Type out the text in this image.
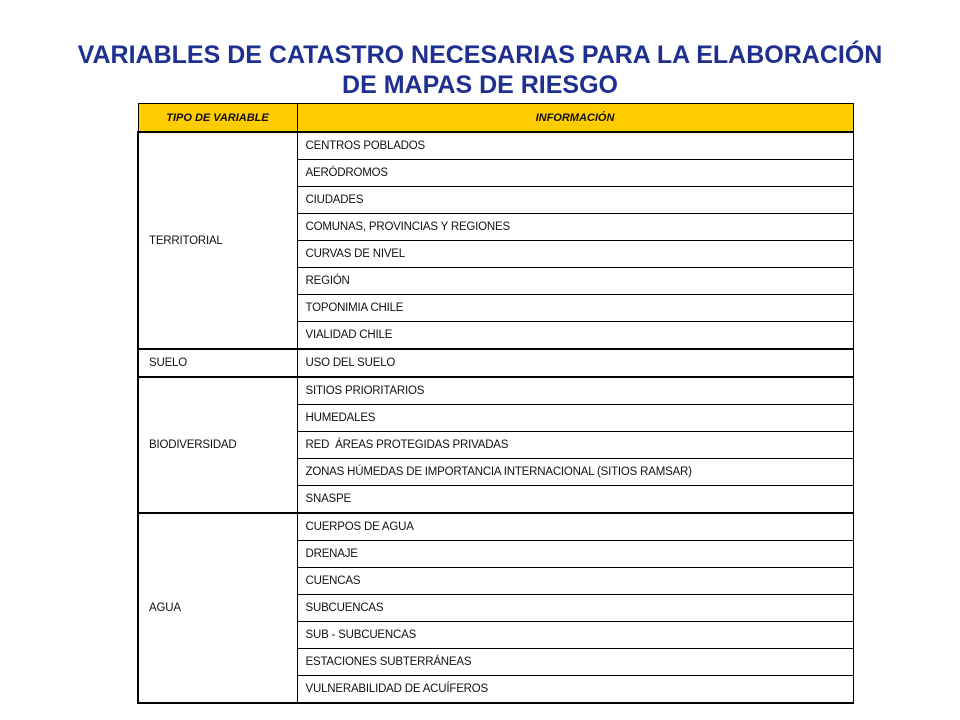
VARIABLES DE CATASTRO NECESARIAS PARA LA ELABORACIÓN
DE MAPAS DE RIESGO
TIPO DE VARIABLE	INFORMACIÓN
TERRITORIAL	CENTROS POBLADOS
	AERÓDROMOS
	CIUDADES
	COMUNAS, PROVINCIAS Y REGIONES
	CURVAS DE NIVEL
	REGIÓN
	TOPONIMIA CHILE
	VIALIDAD CHILE
SUELO	USO DEL SUELO
BIODIVERSIDAD	SITIOS PRIORITARIOS
	HUMEDALES
	RED  ÁREAS PROTEGIDAS PRIVADAS
	ZONAS HÚMEDAS DE IMPORTANCIA INTERNACIONAL (SITIOS RAMSAR)
	SNASPE
AGUA	CUERPOS DE AGUA
	DRENAJE
	CUENCAS
	SUBCUENCAS
	SUB - SUBCUENCAS
	ESTACIONES SUBTERRÁNEAS
	VULNERABILIDAD DE ACUÍFEROS
